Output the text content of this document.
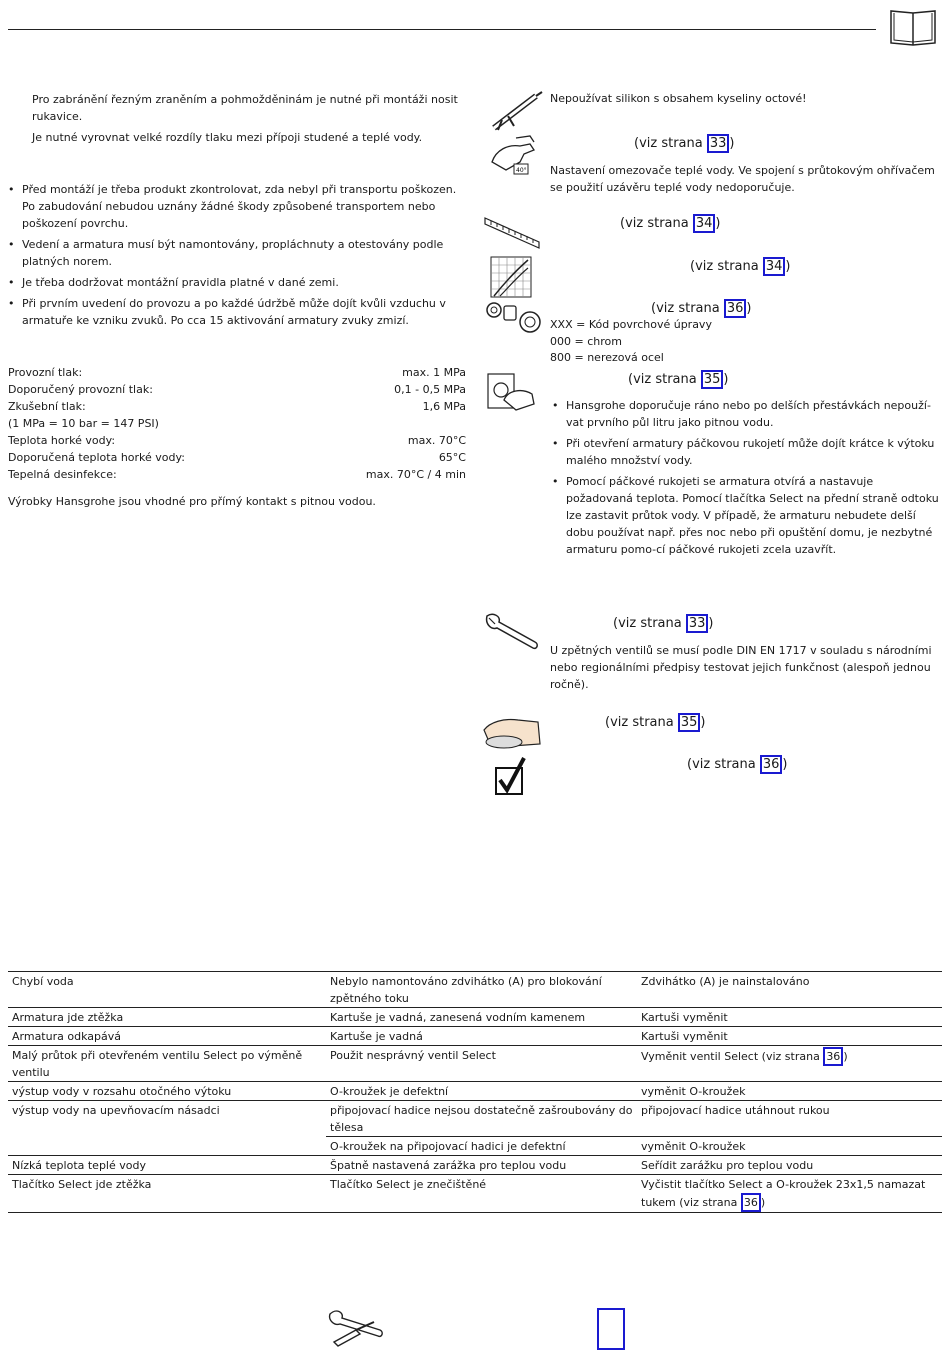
Pro zabránění řezným zraněním a pohmožděninám je nutné při montáži nosit rukavice.

Je nutné vyrovnat velké rozdíly tlaku mezi přípoji studené a teplé vody.

• Před montáží je třeba produkt zkontrolovat, zda nebyl při transportu poškozen. Po zabudování nebudou uznány žádné škody způsobené transportem nebo poškození povrchu.
• Vedení a armatura musí být namontovány, propláchnuty a otestovány podle platných norem.
• Je třeba dodržovat montážní pravidla platné v dané zemi.
• Při prvním uvedení do provozu a po každé údržbě může dojít kvůli vzduchu v armatuře ke vzniku zvuků. Po cca 15 aktivování armatury zvuky zmizí.
Provozní tlak:	max. 1 MPa
Doporučený provozní tlak:	0,1 - 0,5 MPa
Zkušební tlak:	1,6 MPa
(1 MPa = 10 bar = 147 PSI)
Teplota horké vody:	max. 70°C
Doporučená teplota horké vody:	65°C
Tepelná desinfekce:	max. 70°C / 4 min
Výrobky Hansgrohe jsou vhodné pro přímý kontakt s pitnou vodou.
40°
Nepoužívat silikon s obsahem kyseliny octové!
(viz strana 33 )
Nastavení omezovače teplé vody. Ve spojení s průtokovým ohřívačem se použití uzávěru teplé vody nedoporučuje.
(viz strana 34 )
(viz strana 34 )
(viz strana 36 )
XXX = Kód povrchové úpravy
000 = chrom
800 = nerezová ocel
(viz strana 35 )
• Hansgrohe doporučuje ráno nebo po delších přestávkách nepouží-vat prvního půl litru jako pitnou vodu.
• Při otevření armatury páčkovou rukojetí může dojít krátce k výtoku malého množství vody.
• Pomocí páčkové rukojeti se armatura otvírá a nastavuje požadovaná teplota. Pomocí tlačítka Select na přední straně odtoku lze zastavit průtok vody. V případě, že armaturu nebudete delší dobu používat např. přes noc nebo při opuštění domu, je nezbytné armaturu pomo-cí páčkové rukojeti zcela uzavřít.
(viz strana 33 )
U zpětných ventilů se musí podle DIN EN 1717 v souladu s národními nebo regionálními předpisy testovat jejich funkčnost (alespoň jednou ročně).
(viz strana 35 )
(viz strana 36 )
Chybí voda	Nebylo namontováno zdvihátko (A) pro blokování zpětného toku	Zdvihátko (A) je nainstalováno
Armatura jde ztěžka	Kartuše je vadná, zanesená vodním kamenem	Kartuši vyměnit
Armatura odkapává	Kartuše je vadná	Kartuši vyměnit
Malý průtok při otevřeném ventilu Select po výměně ventilu	Použit nesprávný ventil Select	Vyměnit ventil Select (viz strana 36 )
výstup vody v rozsahu otočného výtoku	O-kroužek je defektní	vyměnit O-kroužek
výstup vody na upevňovacím násadci	připojovací hadice nejsou dostatečně zašroubovány do tělesa	připojovací hadice utáhnout rukou
	O-kroužek na připojovací hadici je defektní	vyměnit O-kroužek
Nízká teplota teplé vody	Špatně nastavená zarážka pro teplou vodu	Seřídit zarážku pro teplou vodu
Tlačítko Select jde ztěžka	Tlačítko Select je znečištěné	Vyčistit tlačítko Select a O-kroužek 23x1,5 namazat tukem (viz strana 36 )
